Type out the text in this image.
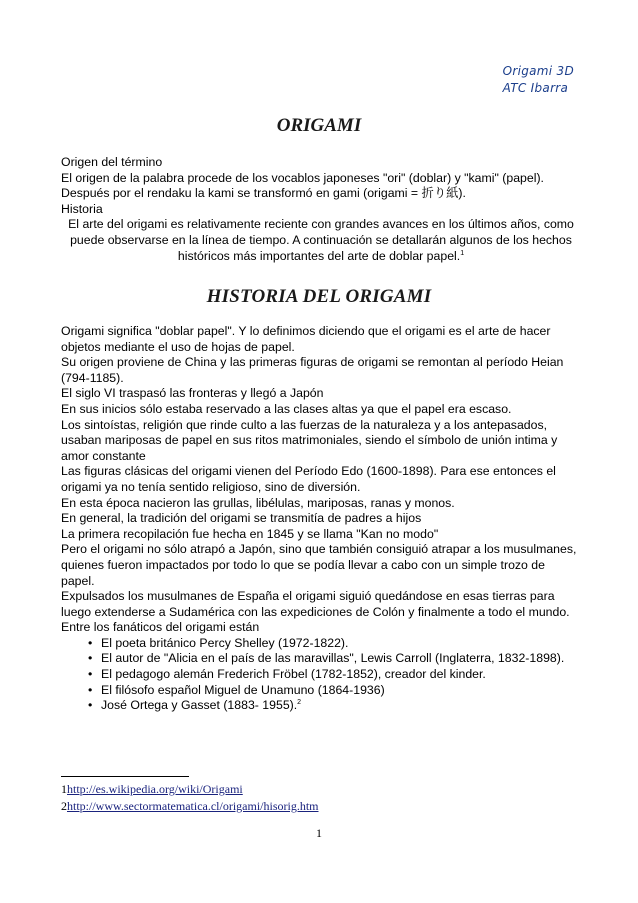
Origami 3D
ATC Ibarra
ORIGAMI

Origen del término

El origen de la palabra procede de los vocablos japoneses "ori" (doblar) y "kami" (papel).

Después por el rendaku la kami se transformó en gami (origami = 折り紙).

Historia

El arte del origami es relativamente reciente con grandes avances en los últimos años, como puede observarse en la línea de tiempo. A continuación se detallarán algunos de los hechos históricos más importantes del arte de doblar papel.$^1$

HISTORIA DEL ORIGAMI

Origami significa "doblar papel". Y lo definimos diciendo que el origami es el arte de hacer objetos mediante el uso de hojas de papel.

Su origen proviene de China y las primeras figuras de origami se remontan al período Heian (794-1185).

El siglo VI traspasó las fronteras y llegó a Japón

En sus inicios sólo estaba reservado a las clases altas ya que el papel era escaso.

Los sintoístas, religión que rinde culto a las fuerzas de la naturaleza y a los antepasados, usaban mariposas de papel en sus ritos matrimoniales, siendo el símbolo de unión intima y amor constante

Las figuras clásicas del origami vienen del Período Edo (1600-1898). Para ese entonces el origami ya no tenía sentido religioso, sino de diversión.

En esta época nacieron las grullas, libélulas, mariposas, ranas y monos.

En general, la tradición del origami se transmitía de padres a hijos

La primera recopilación fue hecha en 1845 y se llama "Kan no modo"

Pero el origami no sólo atrapó a Japón, sino que también consiguió atrapar a los musulmanes, quienes fueron impactados por todo lo que se podía llevar a cabo con un simple trozo de papel.

Expulsados los musulmanes de España el origami siguió quedándose en esas tierras para luego extenderse a Sudamérica con las expediciones de Colón y finalmente a todo el mundo.

Entre los fanáticos del origami están

• El poeta británico Percy Shelley (1972-1822).
• El autor de "Alicia en el país de las maravillas", Lewis Carroll (Inglaterra, 1832-1898).
• El pedagogo alemán Frederich Fröbel (1782-1852), creador del kinder.
• El filósofo español Miguel de Unamuno (1864-1936)
• José Ortega y Gasset (1883- 1955).$^2$
1http://es.wikipedia.org/wiki/Origami
2http://www.sectormatematica.cl/origami/hisorig.htm
1
